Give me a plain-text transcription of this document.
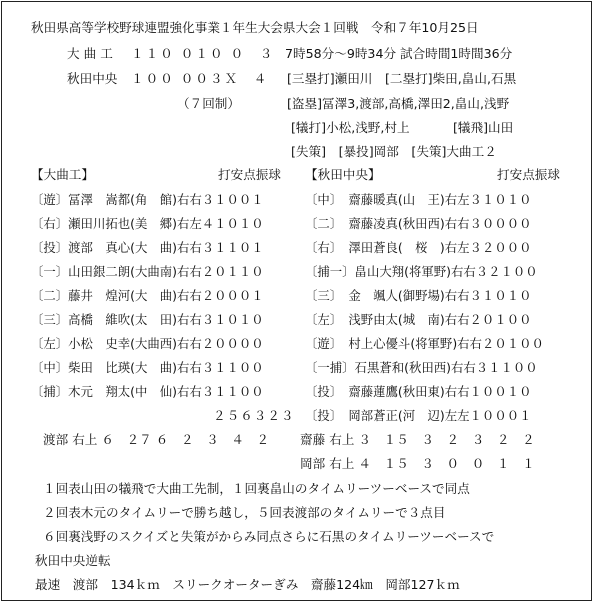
秋田県高等学校野球連盟強化事業１年生大会県大会１回戦　令和７年10月25日
大 曲 工 １１０ ０１０ ０　３ 7時58分～9時34分 試合時間1時間36分
秋田中央 １００ ００３Ｘ　４ [三塁打]瀬田川　[二塁打]柴田,畠山,石黒
（７回制）	[盗塁]冨澤3,渡部,高橋,澤田2,畠山,浅野
[犠打]小松,浅野,村上	[犠飛]山田
[失策]　[暴投]岡部　[失策]大曲工２
【大曲工】	打安点振球 【秋田中央】	打安点振球
〔遊〕冨澤　嵩都(角　館)右右３１００１
〔右〕瀬田川拓也(美　郷)右左４１０１０
〔投〕渡部　真心(大　曲)右右３１１０１
〔一〕山田銀二朗(大曲南)右右２０１１０
〔二〕藤井　煌河(大　曲)右右２０００１
〔三〕高橋　維吹(太　田)右右３１０１０
〔左〕小松　史幸(大曲西)右右２００００
〔中〕柴田　比瑛(大　曲)右右３１１００
〔捕〕木元　翔太(中　仙)右右３１１００
〔中〕　齋藤暖真(山　王)右左３１０１０
〔二〕　齋藤凌真(秋田西)右右３００００
〔右〕　澤田蒼良(　桜　)右左３２０００
〔捕一〕畠山大翔(将軍野)右右３２１００
〔三〕　金　颯人(御野場)右右３１０１０
〔左〕　浅野由太(城　南)右右２０１００
〔遊〕　村上心優斗(将軍野)右右２０１００
〔一捕〕石黒蒼和(秋田西)右右３１１００
〔投〕　齋藤蓮鷹(秋田東)右右１００１０
２５６３２３ 〔投〕　岡部蒼正(河　辺)左左１０００１
渡部 右上 ６　２７ ６　２　３　４　２ 齋藤 右上 ３　１５　３　２　３　２　２
岡部 右上 ４　１５　３　０　０　１　１
１回表山田の犠飛で大曲工先制，１回裏畠山のタイムリーツーベースで同点
２回表木元のタイムリーで勝ち越し，５回表渡部のタイムリーで３点目
６回裏浅野のスクイズと失策がからみ同点さらに石黒のタイムリーツーベースで
秋田中央逆転
最速　渡部　134ｋｍ　スリークオーターぎみ　齋藤124㎞　岡部127ｋｍ
